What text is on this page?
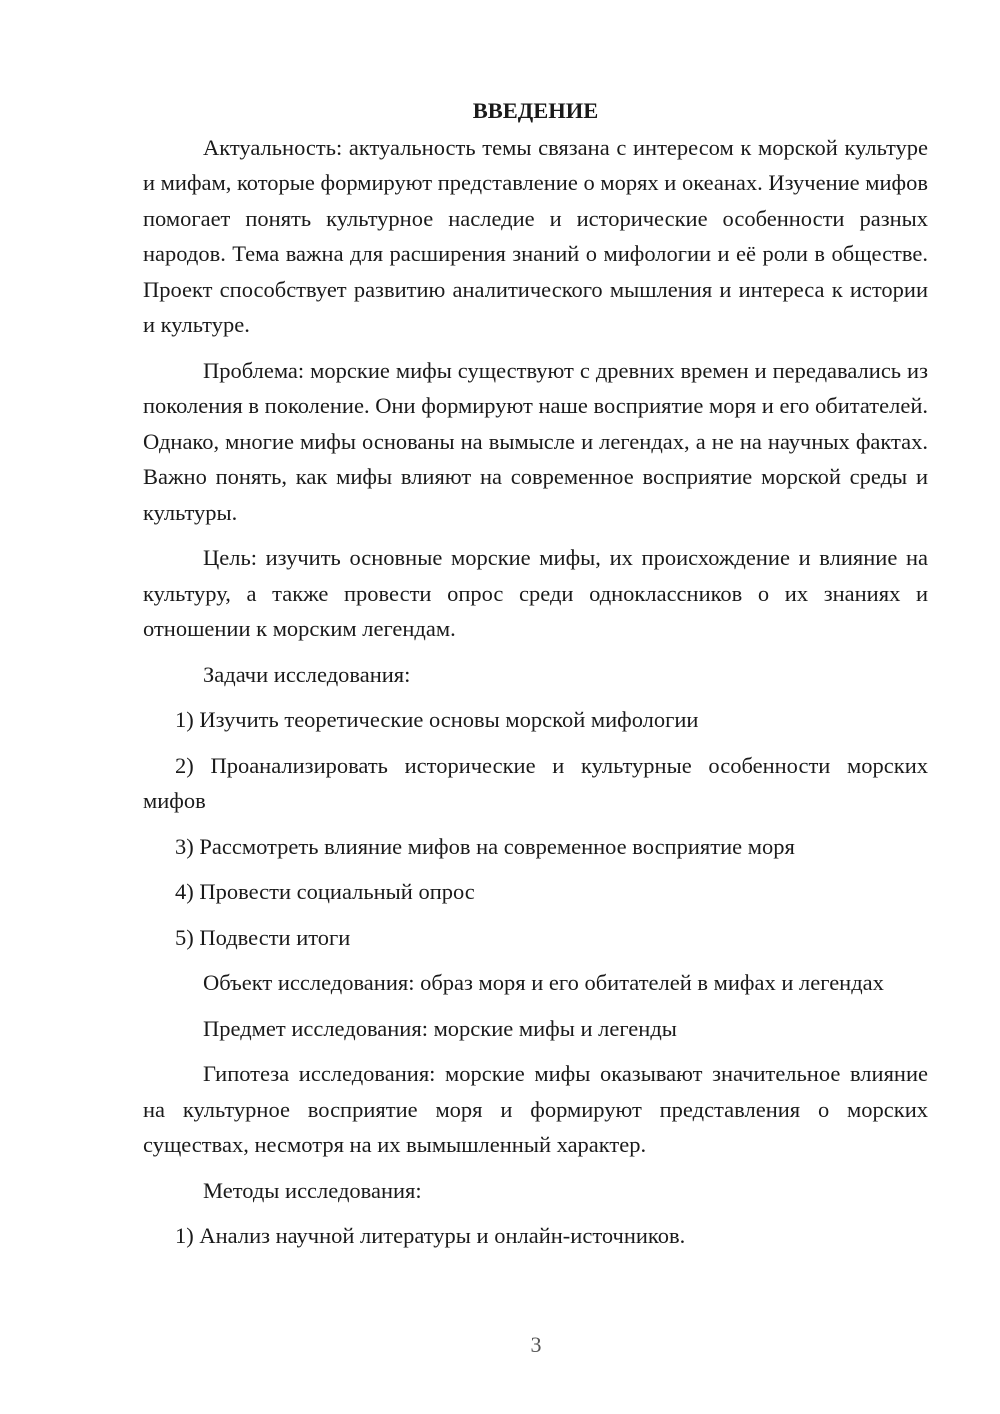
ВВЕДЕНИЕ

Актуальность: актуальность темы связана с интересом к морской культуре и мифам, которые формируют представление о морях и океанах. Изучение мифов помогает понять культурное наследие и исторические особенности разных народов. Тема важна для расширения знаний о мифологии и её роли в обществе. Проект способствует развитию аналитического мышления и интереса к истории и культуре.

Проблема: морские мифы существуют с древних времен и передавались из поколения в поколение. Они формируют наше восприятие моря и его обитателей. Однако, многие мифы основаны на вымысле и легендах, а не на научных фактах. Важно понять, как мифы влияют на современное восприятие морской среды и культуры.

Цель: изучить основные морские мифы, их происхождение и влияние на культуру, а также провести опрос среди одноклассников о их знаниях и отношении к морским легендам.

Задачи исследования:

1) Изучить теоретические основы морской мифологии

2) Проанализировать исторические и культурные особенности морских мифов

3) Рассмотреть влияние мифов на современное восприятие моря

4) Провести социальный опрос

5) Подвести итоги

Объект исследования: образ моря и его обитателей в мифах и легендах

Предмет исследования: морские мифы и легенды

Гипотеза исследования: морские мифы оказывают значительное влияние на культурное восприятие моря и формируют представления о морских существах, несмотря на их вымышленный характер.

Методы исследования:

1) Анализ научной литературы и онлайн-источников.

3
